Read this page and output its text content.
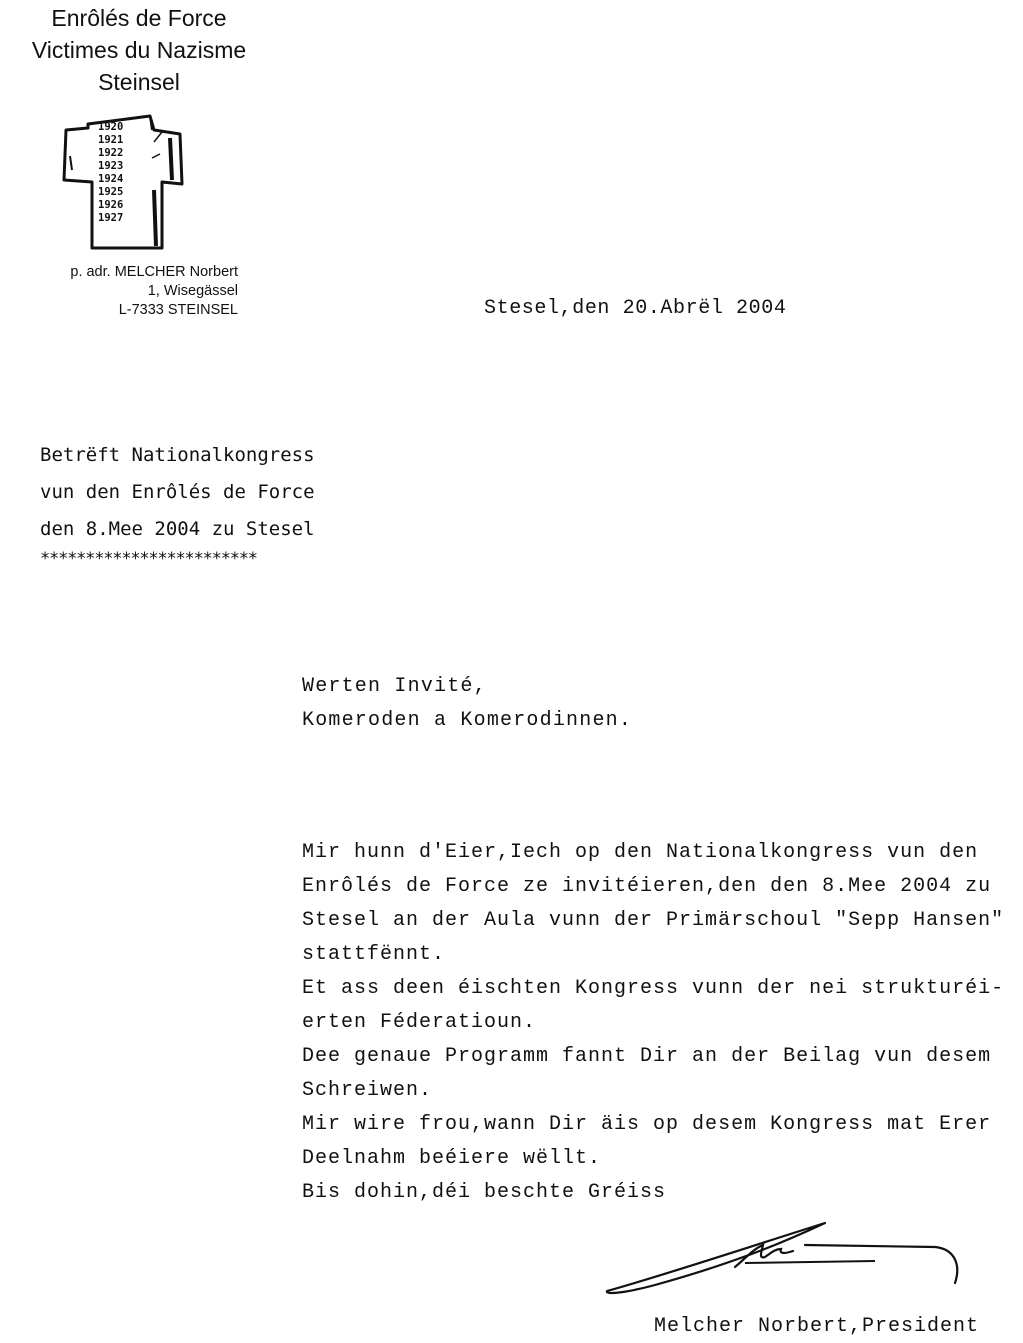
Enrôlés de Force
Victimes du Nazisme
Steinsel
1920
1921
1922
1923
1924
1925
1926
1927
p. adr. MELCHER Norbert
1, Wisegässel
L-7333 STEINSEL	Stesel,den 20.Abrël 2004
Betrëft Nationalkongress
vun den Enrôlés de Force
den 8.Mee 2004 zu Stesel
************************
Werten Invité,
Komeroden a Komerodinnen.
Mir hunn d'Eier,Iech op den Nationalkongress vun den
Enrôlés de Force ze invitéieren,den den 8.Mee 2004 zu
Stesel an der Aula vunn der Primärschoul "Sepp Hansen"
stattfënnt.
Et ass deen éischten Kongress vunn der nei strukturéi-
erten Féderatioun.
Dee genaue Programm fannt Dir an der Beilag vun desem
Schreiwen.
Mir wire frou,wann Dir äis op desem Kongress mat Erer
Deelnahm beéiere wëllt.
Bis dohin,déi beschte Gréiss
Melcher Norbert,President
